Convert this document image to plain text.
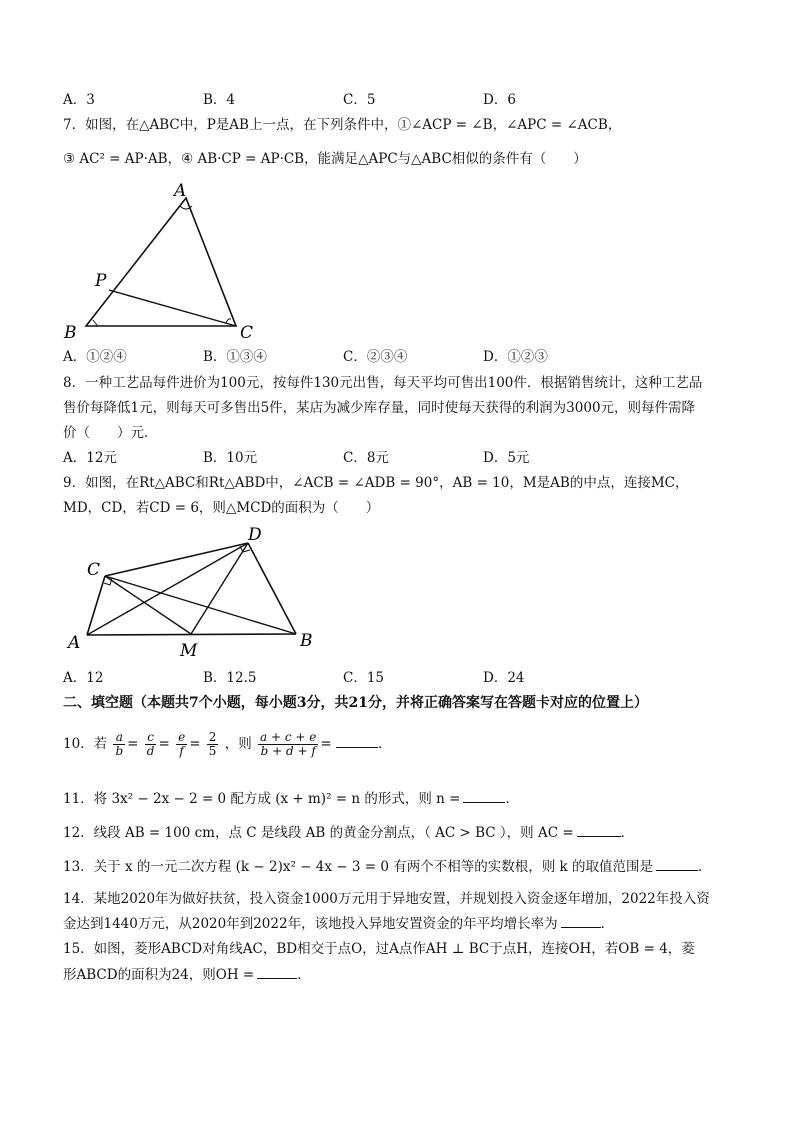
A．3	B．4	C．5	D．6
7．如图，在△ABC中，P是AB上一点，在下列条件中，①∠ACP = ∠B，∠APC = ∠ACB，
③ AC² = AP·AB，④ AB·CP = AP·CB，能满足△APC与△ABC相似的条件有（　　）
A
P
B	C
A．①②④	B．①③④	C．②③④	D．①②③
8．一种工艺品每件进价为100元，按每件130元出售，每天平均可售出100件．根据销售统计，这种工艺品
售价每降低1元，则每天可多售出5件，某店为减少库存量，同时使每天获得的利润为3000元，则每件需降
价（　　）元．
A．12元	B．10元	C．8元	D．5元
9．如图，在Rt△ABC和Rt△ABD中，∠ACB = ∠ADB = 90°，AB = 10，M是AB的中点，连接MC，
MD，CD，若CD = 6，则△MCD的面积为（　　）
C
D
A	M	B
A．12	B．12.5	C．15	D．24
二、填空题（本题共7个小题，每小题3分，共21分，并将正确答案写在答题卡对应的位置上）
10．若 $\frac{a}{b} = \frac{c}{d} = \frac{e}{f} = \frac{2}{5}$ ，则 $\frac{a + c + e}{b + d + f}$ =	．
11．将 3x² − 2x − 2 = 0 配方成 (x + m)² = n 的形式，则 n =	．
12．线段 AB = 100 cm，点 C 是线段 AB 的黄金分割点，（ AC > BC ），则 AC =	．
13．关于 x 的一元二次方程 (k − 2)x² − 4x − 3 = 0 有两个不相等的实数根，则 k 的取值范围是	．
14．某地2020年为做好扶贫，投入资金1000万元用于异地安置，并规划投入资金逐年增加，2022年投入资
金达到1440万元，从2020年到2022年，该地投入异地安置资金的年平均增长率为	．
15．如图，菱形ABCD对角线AC，BD相交于点O，过A点作AH ⊥ BC于点H，连接OH，若OB = 4，菱
形ABCD的面积为24，则OH =	．
